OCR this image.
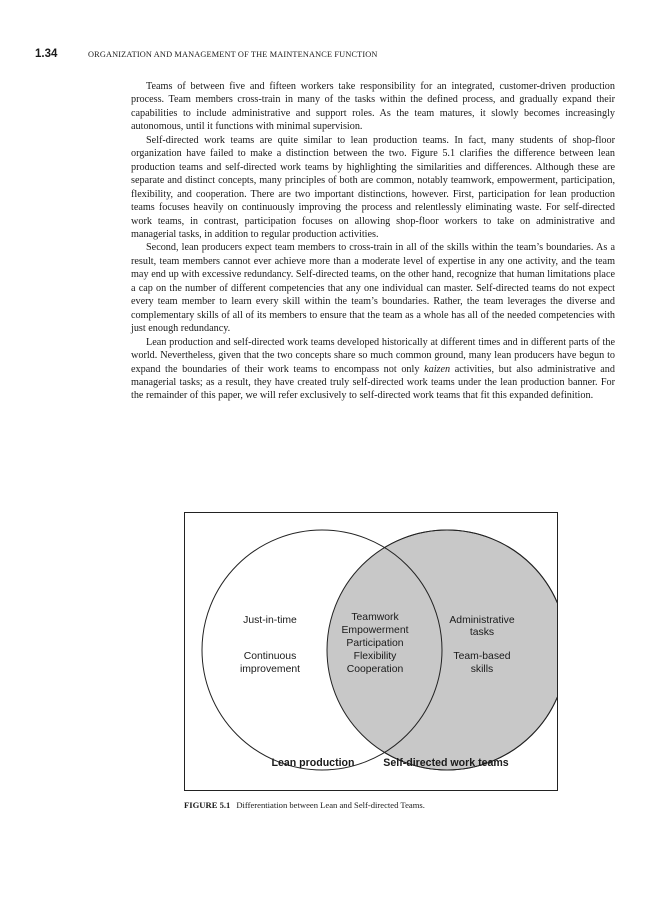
1.34	ORGANIZATION AND MANAGEMENT OF THE MAINTENANCE FUNCTION

Teams of between five and fifteen workers take responsibility for an integrated, customer-driven production process. Team members cross-train in many of the tasks within the defined process, and gradually expand their capabilities to include administrative and support roles. As the team matures, it slowly becomes increasingly autonomous, until it functions with minimal supervision.

Self-directed work teams are quite similar to lean production teams. In fact, many students of shop-floor organization have failed to make a distinction between the two. Figure 5.1 clarifies the difference between lean production teams and self-directed work teams by highlighting the similarities and differences. Although these are separate and distinct concepts, many principles of both are common, notably teamwork, empowerment, participation, flexibility, and cooperation. There are two important distinctions, however. First, participation for lean production teams focuses heavily on continuously improving the process and relentlessly eliminating waste. For self-directed work teams, in contrast, participation focuses on allowing shop-floor workers to take on administrative and managerial tasks, in addition to regular production activities.

Second, lean producers expect team members to cross-train in all of the skills within the team’s boundaries. As a result, team members cannot ever achieve more than a moderate level of expertise in any one activity, and the team may end up with excessive redundancy. Self-directed teams, on the other hand, recognize that human limitations place a cap on the number of different competencies that any one individual can master. Self-directed teams do not expect every team member to learn every skill within the team’s boundaries. Rather, the team leverages the diverse and complementary skills of all of its members to ensure that the team as a whole has all of the needed competencies with just enough redundancy.

Lean production and self-directed work teams developed historically at different times and in different parts of the world. Nevertheless, given that the two concepts share so much common ground, many lean producers have begun to expand the boundaries of their work teams to encompass not only kaizen activities, but also administrative and managerial tasks; as a result, they have created truly self-directed work teams under the lean production banner. For the remainder of this paper, we will refer exclusively to self-directed work teams that fit this expanded definition.

Just-in-time
Continuous
improvement
Teamwork
Empowerment
Participation
Flexibility
Cooperation
Administrative
tasks
Team-based
skills
Lean production	Self-directed work teams
FIGURE 5.1 Differentiation between Lean and Self-directed Teams.
